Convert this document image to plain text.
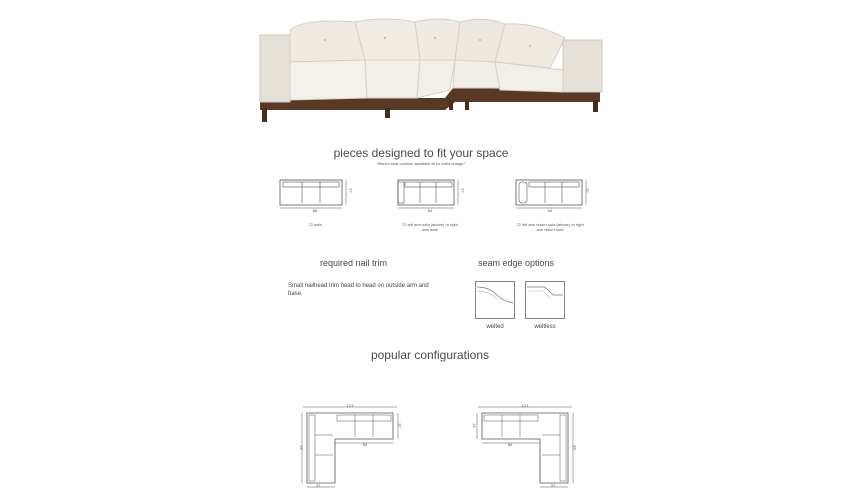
pieces designed to fit your space
*Bench seat cushion available at no extra charge*
88
37
72 sofa
84
37
72 left arm sofa (above) or right arm sofa
94
37
72 left arm return sofa (above) or right arm return sofa
required nail trim
Small nailhead trim head to head on outside arm and base.
seam edge options
welted	weltless
popular configurations
121
84
37
94
37
121
84
37
94
37
